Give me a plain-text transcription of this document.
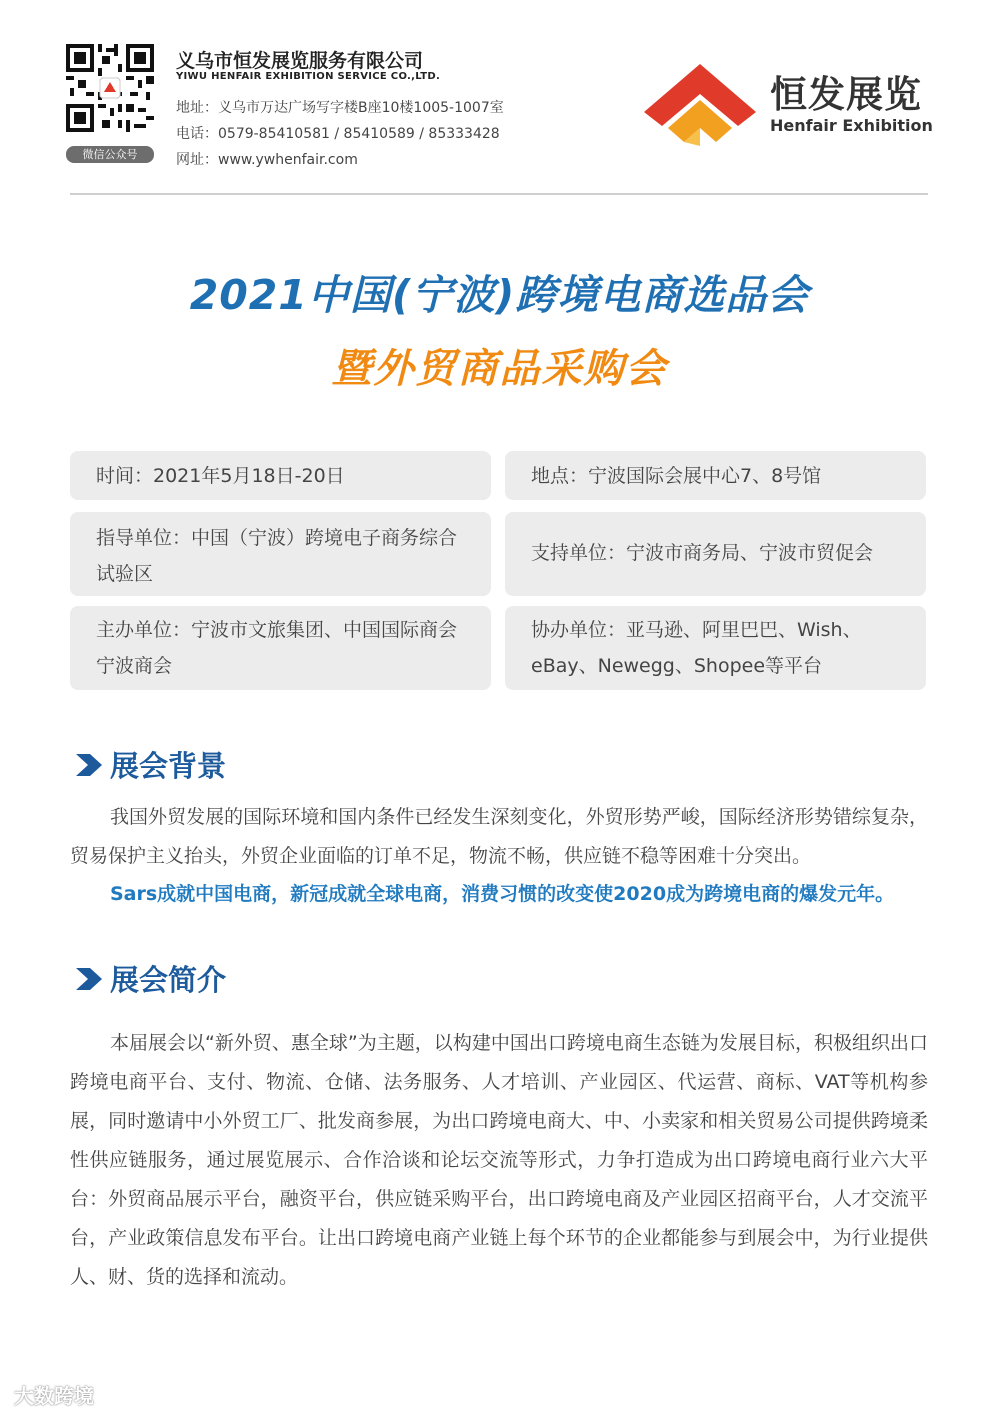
微信公众号
义乌市恒发展览服务有限公司
YIWU HENFAIR EXHIBITION SERVICE CO.,LTD.
地址：义乌市万达广场写字楼B座10楼1005-1007室
电话：0579-85410581 / 85410589 / 85333428
网址：www.ywhenfair.com
恒发展览
Henfair Exhibition
2021中国(宁波)跨境电商选品会
暨外贸商品采购会
时间：2021年5月18日-20日	地点：宁波国际会展中心7、8号馆
指导单位：中国（宁波）跨境电子商务综合试验区
支持单位：宁波市商务局、宁波市贸促会
主办单位：宁波市文旅集团、中国国际商会宁波商会
协办单位：亚马逊、阿里巴巴、Wish、eBay、Newegg、Shopee等平台
展会背景

我国外贸发展的国际环境和国内条件已经发生深刻变化，外贸形势严峻，国际经济形势错综复杂，贸易保护主义抬头，外贸企业面临的订单不足，物流不畅，供应链不稳等困难十分突出。

Sars成就中国电商，新冠成就全球电商，消费习惯的改变使2020成为跨境电商的爆发元年。
展会简介

本届展会以“新外贸、惠全球”为主题，以构建中国出口跨境电商生态链为发展目标，积极组织出口跨境电商平台、支付、物流、仓储、法务服务、人才培训、产业园区、代运营、商标、VAT等机构参展，同时邀请中小外贸工厂、批发商参展，为出口跨境电商大、中、小卖家和相关贸易公司提供跨境柔性供应链服务，通过展览展示、合作洽谈和论坛交流等形式，力争打造成为出口跨境电商行业六大平台：外贸商品展示平台，融资平台，供应链采购平台，出口跨境电商及产业园区招商平台，人才交流平台，产业政策信息发布平台。让出口跨境电商产业链上每个环节的企业都能参与到展会中，为行业提供人、财、货的选择和流动。

大数跨境
